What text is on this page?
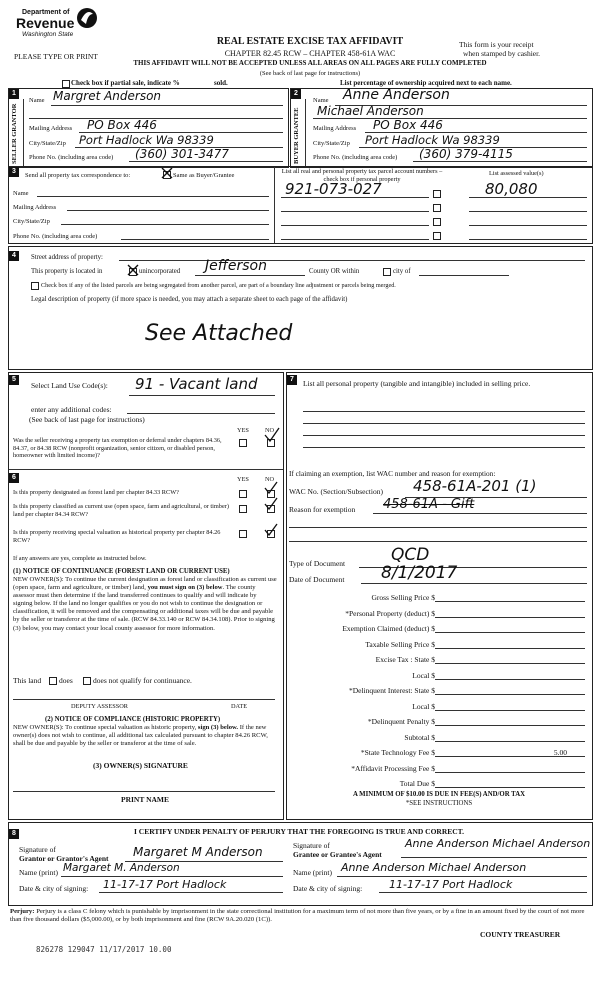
Department of
Revenue
Washington State
PLEASE TYPE OR PRINT
REAL ESTATE EXCISE TAX AFFIDAVIT
CHAPTER 82.45 RCW – CHAPTER 458-61A WAC
THIS AFFIDAVIT WILL NOT BE ACCEPTED UNLESS ALL AREAS ON ALL PAGES ARE FULLY COMPLETED
(See back of last page for instructions)
This form is your receipt
when stamped by cashier.
Check box if partial sale, indicate %	sold.	List percentage of ownership acquired next to each name.
1
SELLER GRANTOR
Name Margret Anderson
Mailing Address PO Box 446
City/State/Zip Port Hadlock Wa 98339
Phone No. (including area code) (360) 301-3477
2
BUYER GRANTEE
Name Anne Anderson
Michael Anderson
Mailing Address PO Box 446
City/State/Zip Port Hadlock Wa 98339
Phone No. (including area code) (360) 379-4115
3
Send all property tax correspondence to:	Same as Buyer/Grantee
Name
Mailing Address
City/State/Zip
Phone No. (including area code)
List all real and personal property tax parcel account numbers – check box if personal property
List assessed value(s)
921-073-027	80,080
4	Street address of property:
This property is located in	unincorporated Jefferson	County OR within	city of
Check box if any of the listed parcels are being segregated from another parcel, are part of a boundary line adjustment or parcels being merged.
Legal description of property (if more space is needed, you may attach a separate sheet to each page of the affidavit)
See Attached
5
Select Land Use Code(s): 91 - Vacant land
enter any additional codes:
(See back of last page for instructions)
YES	NO
Was the seller receiving a property tax exemption or deferral under chapters 84.36, 84.37, or 84.38 RCW (nonprofit organization, senior citizen, or disabled person, homeowner with limited income)?
6	YES	NO
Is this property designated as forest land per chapter 84.33 RCW?
Is this property classified as current use (open space, farm and agricultural, or timber) land per chapter 84.34 RCW?
Is this property receiving special valuation as historical property per chapter 84.26 RCW?
If any answers are yes, complete as instructed below.
(1) NOTICE OF CONTINUANCE (FOREST LAND OR CURRENT USE)
NEW OWNER(S): To continue the current designation as forest land or classification as current use (open space, farm and agriculture, or timber) land, you must sign on (3) below. The county assessor must then determine if the land transferred continues to qualify and will indicate by signing below. If the land no longer qualifies or you do not wish to continue the designation or classification, it will be removed and the compensating or additional taxes will be due and payable by the seller or transferor at the time of sale. (RCW 84.33.140 or RCW 84.34.108). Prior to signing (3) below, you may contact your local county assessor for more information.
This land does	does not qualify for continuance.
DEPUTY ASSESSOR	DATE
(2) NOTICE OF COMPLIANCE (HISTORIC PROPERTY)
NEW OWNER(S): To continue special valuation as historic property, sign (3) below. If the new owner(s) does not wish to continue, all additional tax calculated pursuant to chapter 84.26 RCW, shall be due and payable by the seller or transferor at the time of sale.
(3) OWNER(S) SIGNATURE
PRINT NAME
7	List all personal property (tangible and intangible) included in selling price.
If claiming an exemption, list WAC number and reason for exemption:
WAC No. (Section/Subsection) 458-61A-201 (1)
Reason for exemption 458-61A - Gift
Type of Document	QCD
Date of Document 8/1/2017
Gross Selling Price $
*Personal Property (deduct) $
Exemption Claimed (deduct) $
Taxable Selling Price $
Excise Tax : State $
Local $
*Delinquent Interest: State $
Local $
*Delinquent Penalty $
Subtotal $
*State Technology Fee $	5.00
*Affidavit Processing Fee $
Total Due $
A MINIMUM OF $10.00 IS DUE IN FEE(S) AND/OR TAX
*SEE INSTRUCTIONS
8	I CERTIFY UNDER PENALTY OF PERJURY THAT THE FOREGOING IS TRUE AND CORRECT.
Signature of
Grantor or Grantor's Agent Margaret M Anderson
Name (print) Margaret M. Anderson
Date & city of signing: 11-17-17 Port Hadlock
Signature of
Grantee or Grantee's Agent
Anne Anderson Michael Anderson
Name (print) Anne Anderson Michael Anderson
Date & city of signing: 11-17-17 Port Hadlock
Perjury: Perjury is a class C felony which is punishable by imprisonment in the state correctional institution for a maximum term of not more than five years, or by a fine in an amount fixed by the court of not more than five thousand dollars ($5,000.00), or by both imprisonment and fine (RCW 9A.20.020 (1C)).
COUNTY TREASURER
826278 129047 11/17/2017 10.00
